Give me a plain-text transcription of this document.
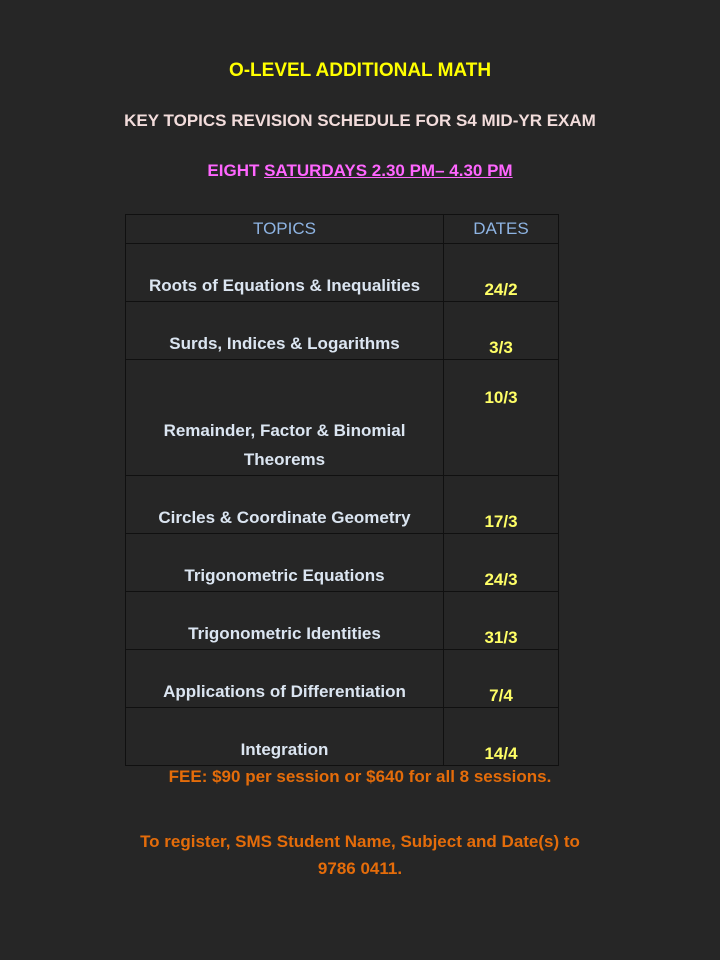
O-LEVEL ADDITIONAL MATH
KEY TOPICS REVISION SCHEDULE FOR S4 MID-YR EXAM
EIGHT SATURDAYS 2.30 PM– 4.30 PM
TOPICS	DATES
Roots of Equations & Inequalities	24/2
Surds, Indices & Logarithms	3/3
Remainder, Factor & Binomial Theorems	10/3
Circles & Coordinate Geometry	17/3
Trigonometric Equations	24/3
Trigonometric Identities	31/3
Applications of Differentiation	7/4
Integration	14/4
FEE: $90 per session or $640 for all 8 sessions.
To register, SMS Student Name, Subject and Date(s) to
9786 0411.
